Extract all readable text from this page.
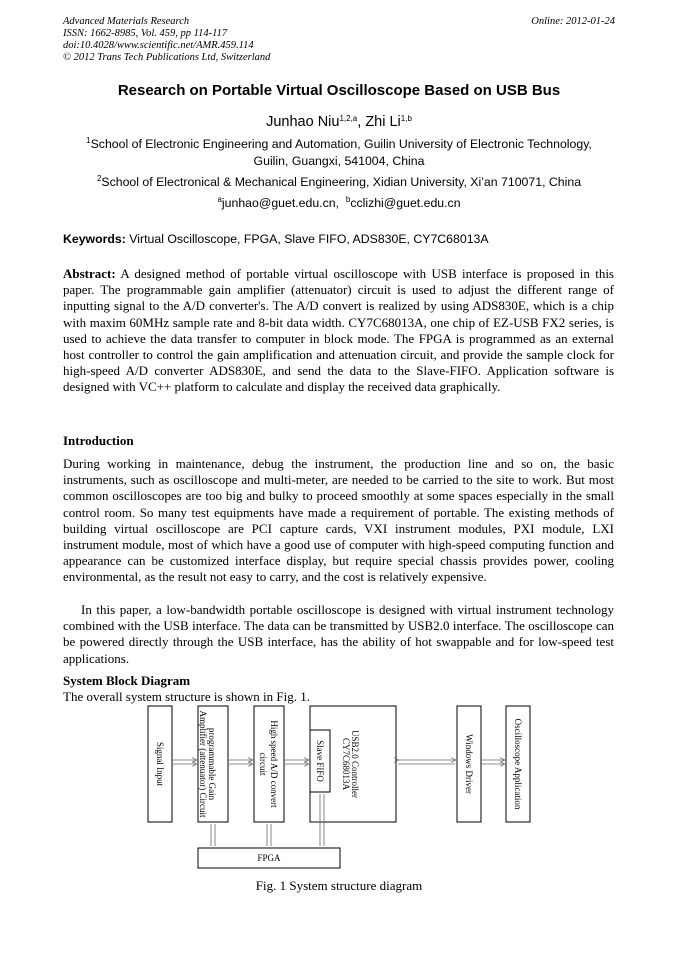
Advanced Materials Research
ISSN: 1662-8985, Vol. 459, pp 114-117
doi:10.4028/www.scientific.net/AMR.459.114
© 2012 Trans Tech Publications Ltd, Switzerland
Online: 2012-01-24
Research on Portable Virtual Oscilloscope Based on USB Bus
Junhao Niu$^{1,2,a}$, Zhi Li$^{1,b}$
$^1$School of Electronic Engineering and Automation, Guilin University of Electronic Technology, Guilin, Guangxi, 541004, China
$^2$School of Electronical & Mechanical Engineering, Xidian University, Xi’an 710071, China
$^a$junhao@guet.edu.cn, $^b$cclizhi@guet.edu.cn
Keywords: Virtual Oscilloscope, FPGA, Slave FIFO, ADS830E, CY7C68013A
Abstract: A designed method of portable virtual oscilloscope with USB interface is proposed in this paper. The programmable gain amplifier (attenuator) circuit is used to adjust the different range of inputting signal to the A/D converter's. The A/D convert is realized by using ADS830E, which is a chip with maxim 60MHz sample rate and 8-bit data width. CY7C68013A, one chip of EZ-USB FX2 series, is used to achieve the data transfer to computer in block mode. The FPGA is programmed as an external host controller to control the gain amplification and attenuation circuit, and provide the sample clock for high-speed A/D converter ADS830E, and send the data to the Slave-FIFO. Application software is designed with VC++ platform to calculate and display the received data graphically.
Introduction
During working in maintenance, debug the instrument, the production line and so on, the basic instruments, such as oscilloscope and multi-meter, are needed to be carried to the site to work. But most common oscilloscopes are too big and bulky to proceed smoothly at some spaces especially in the small control room. So many test equipments have made a requirement of portable. The existing methods of building virtual oscilloscope are PCI capture cards, VXI instrument modules, PXI module, LXI instrument module, most of which have a good use of computer with high-speed computing function and appearance can be customized interface display, but require special chassis provides power, cooling environmental, as the result not easy to carry, and the cost is relatively expensive.
In this paper, a low-bandwidth portable oscilloscope is designed with virtual instrument technology combined with the USB interface. The data can be transmitted by USB2.0 interface. The oscilloscope can be powered directly through the USB interface, has the ability of hot swappable and for low-speed test applications.
System Block Diagram
The overall system structure is shown in Fig. 1.
Signal Input	programmable Gain
Amplifier (attenuator) Circuit	High speed A/D convert
circuit	USB2.0 Controller
CY7C68013A
Slave FIFO	Windows Driver	Oscilloscope Application
FPGA
Fig. 1 System structure diagram
